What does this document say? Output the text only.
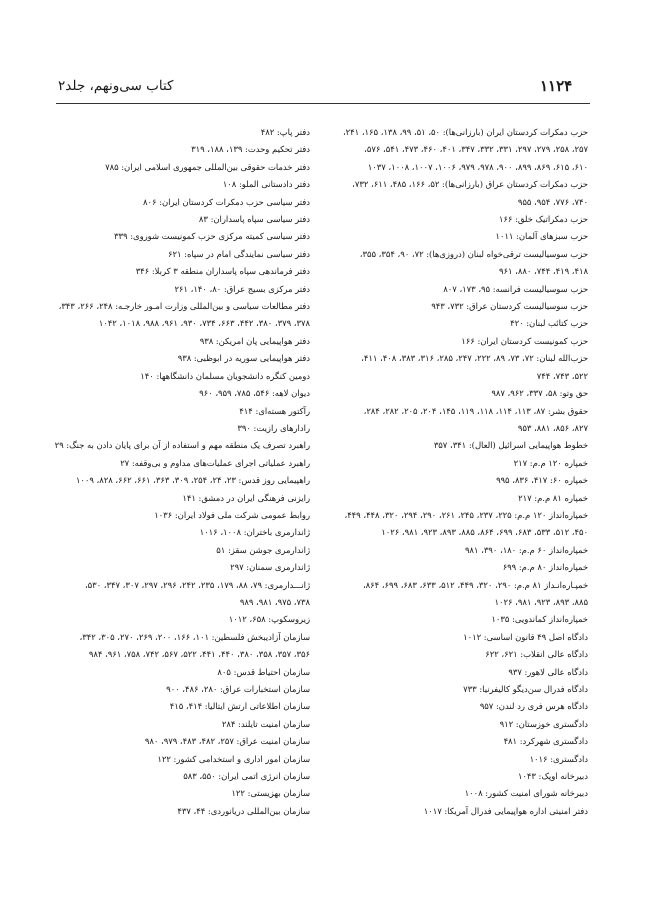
۱۱۲۴
کتاب سی‌ونهم، جلد۲

حزب دمکرات کردستان ایران (بارزانی‌ها): ۵۰، ۵۱، ۹۹، ۱۳۸، ۱۶۵، ۲۴۱،

۲۵۷، ۲۵۸، ۲۷۹، ۲۹۷، ۳۳۱، ۳۳۲، ۳۴۷، ۴۰۱، ۴۶۰، ۴۷۳، ۵۴۱، ۵۷۶،

۶۱۰، ۶۱۵، ۸۶۹، ۸۹۹، ۹۰۰، ۹۷۸، ۹۷۹، ۱۰۰۶، ۱۰۰۷، ۱۰۰۸، ۱۰۳۷

حزب دمکرات کردستان عراق (بارزانی‌ها): ۵۲، ۱۶۶، ۴۸۵، ۶۱۱، ۷۳۲،

۷۴۰، ۷۷۶، ۹۵۴، ۹۵۵

حزب دمکراتیک خلق: ۱۶۶

حزب سبزهای آلمان: ۱۰۱۱

حزب سوسیالیست ترقی‌خواه لبنان (دروزی‌ها): ۷۲، ۹۰، ۳۵۴، ۳۵۵،

۴۱۸، ۴۱۹، ۷۴۴، ۸۸۰، ۹۶۱

حزب سوسیالیست فرانسه: ۹۵، ۱۷۳، ۸۰۷

حزب سوسیالیست کردستان عراق: ۷۳۲، ۹۴۳

حزب کتائب لبنان: ۴۲۰

حزب کمونیست کردستان ایران: ۱۶۶

حزب‌الله لبنان: ۷۲، ۷۳، ۸۹، ۲۲۲، ۲۴۷، ۲۸۵، ۳۱۶، ۳۸۳، ۴۰۸، ۴۱۱،

۵۲۲، ۷۴۳، ۷۴۴

حق وتو: ۵۸، ۳۳۷، ۹۶۲، ۹۸۷

حقوق بشر: ۸۷، ۱۱۳، ۱۱۴، ۱۱۸، ۱۱۹، ۱۴۵، ۲۰۴، ۲۰۵، ۲۸۲، ۲۸۴،

۸۲۷، ۸۵۶، ۸۸۱، ۹۵۳

خطوط هواپیمایی اسرائیل (العال): ۳۴۱، ۳۵۷

خمپاره ۱۲۰ م.م: ۲۱۷

خمپاره ۶۰: ۴۱۷، ۸۳۶، ۹۹۵

خمپاره ۸۱ م.م: ۲۱۷

خمپاره‌انداز ۱۲۰ م.م: ۲۲۵، ۲۳۷، ۲۴۵، ۲۶۱، ۲۹۰، ۲۹۴، ۳۲۰، ۴۴۸، ۴۴۹،

۴۵۰، ۵۱۲، ۵۳۳، ۶۸۳، ۶۹۹، ۸۶۴، ۸۸۵، ۸۹۳، ۹۲۳، ۹۸۱، ۱۰۲۶

خمپاره‌انداز ۶۰ م.م: ۱۸۰، ۳۹۰، ۹۸۱

خمپاره‌انداز ۸۰ م.م: ۶۹۹

خمپـاره‌انـداز ۸۱ م.م: ۲۹۰، ۳۲۰، ۴۴۹، ۵۱۲، ۶۳۳، ۶۸۳، ۶۹۹، ۸۶۴،

۸۸۵، ۸۹۳، ۹۲۳، ۹۸۱، ۱۰۲۶

خمپاره‌انداز کماندویی: ۱۰۳۵

دادگاه اصل ۴۹ قانون اساسی: ۱۰۱۲

دادگاه عالی انقلاب: ۶۲۱، ۶۲۲

دادگاه عالی لاهور: ۹۳۷

دادگاه فدرال سن‌دیگو کالیفرنیا: ۷۳۳

دادگاه هرس فری رد لندن: ۹۵۷

دادگستری خوزستان: ۹۱۲

دادگستری شهرکرد: ۴۸۱

دادگستری: ۱۰۱۶

دبیرخانه اوپک: ۱۰۴۳

دبیرخانه شورای امنیت کشور: ۱۰۰۸

دفتر امنیتی اداره هواپیمایی فدرال آمریکا: ۱۰۱۷

دفتر پاپ: ۴۸۲

دفتر تحکیم وحدت: ۱۳۹، ۱۸۸، ۳۱۹

دفتر خدمات حقوقی بین‌المللی جمهوری اسلامی ایران: ۷۸۵

دفتر دادستانی الملو: ۱۰۸

دفتر سیاسی حزب دمکرات کردستان ایران: ۸۰۶

دفتر سیاسی سپاه پاسداران: ۸۳

دفتر سیاسی کمیته مرکزی حزب کمونیست شوروی: ۳۳۹

دفتر سیاسی نمایندگی امام در سپاه: ۶۲۱

دفتر فرماندهی سپاه پاسداران منطقه ۳ کربلا: ۳۴۶

دفتر مرکزی بسیج عراق: ۸۰، ۱۴۰، ۲۶۱

دفتر مطالعات سیاسی و بین‌المللی وزارت امـور خارجـه: ۲۴۸، ۲۶۶، ۳۴۳،

۳۷۸، ۳۷۹، ۳۸۰، ۴۴۲، ۶۶۳، ۷۳۴، ۹۳۰، ۹۶۱، ۹۸۸، ۱۰۱۸، ۱۰۴۲

دفتر هواپیمایی پان امریکن: ۹۳۸

دفتر هواپیمایی سوریه در ابوظبی: ۹۳۸

دومین کنگره دانشجویان مسلمان دانشگاهها: ۱۴۰

دیوان لاهه: ۵۴۶، ۷۸۵، ۹۵۹، ۹۶۰

رآکتور هسته‌ای: ۴۱۴

رادارهای رازیت: ۳۹۰

راهبرد تصرف یک منطقه مهم و استفاده از آن برای پایان دادن به جنگ: ۲۹

راهبرد عملیاتی اجرای عملیات‌های مداوم و بی‌وقفه: ۲۷

راهپیمایی روز قدس: ۲۳، ۲۴، ۲۵۴، ۳۰۹، ۳۶۳، ۶۶۱، ۶۶۲، ۸۲۸، ۱۰۰۹

رایزنی فرهنگی ایران در دمشق: ۱۴۱

روابط عمومی شرکت ملی فولاد ایران: ۱۰۳۶

ژاندارمری باختران: ۱۰۰۸، ۱۰۱۶

ژاندارمری جوشن سقز: ۵۱

ژاندارمری سمنان: ۲۹۷

ژانـــدارمری: ۷۹، ۸۸، ۱۷۹، ۲۳۵، ۲۴۲، ۲۹۶، ۲۹۷، ۳۰۷، ۳۴۷، ۵۳۰،

۷۳۸، ۹۷۵، ۹۸۱، ۹۸۹

زیروسکوپ: ۶۵۸، ۱۰۱۲

سازمان آزادیبخش فلسطین: ۱۰۱، ۱۶۶، ۲۰۰، ۲۶۹، ۲۷۰، ۳۰۵، ۳۴۲،

۳۵۶، ۳۵۷، ۳۵۸، ۳۸۰، ۴۴۰، ۴۴۱، ۵۲۲، ۵۶۷، ۷۴۲، ۷۵۸، ۹۶۱، ۹۸۴

سازمان احتیاط قدس: ۸۰۵

سازمان استخبارات عراق: ۲۸۰، ۴۸۶، ۹۰۰

سازمان اطلاعاتی ارتش ایتالیا: ۴۱۴، ۴۱۵

سازمان امنیت تایلند: ۲۸۴

سازمان امنیت عراق: ۲۵۷، ۴۸۲، ۴۸۳، ۹۷۹، ۹۸۰

سازمان امور اداری و استخدامی کشور: ۱۲۲

سازمان انرژی اتمی ایران: ۵۵۰، ۵۸۳

سازمان بهزیستی: ۱۲۲

سازمان بین‌المللی دریانوردی: ۴۴، ۴۳۷
